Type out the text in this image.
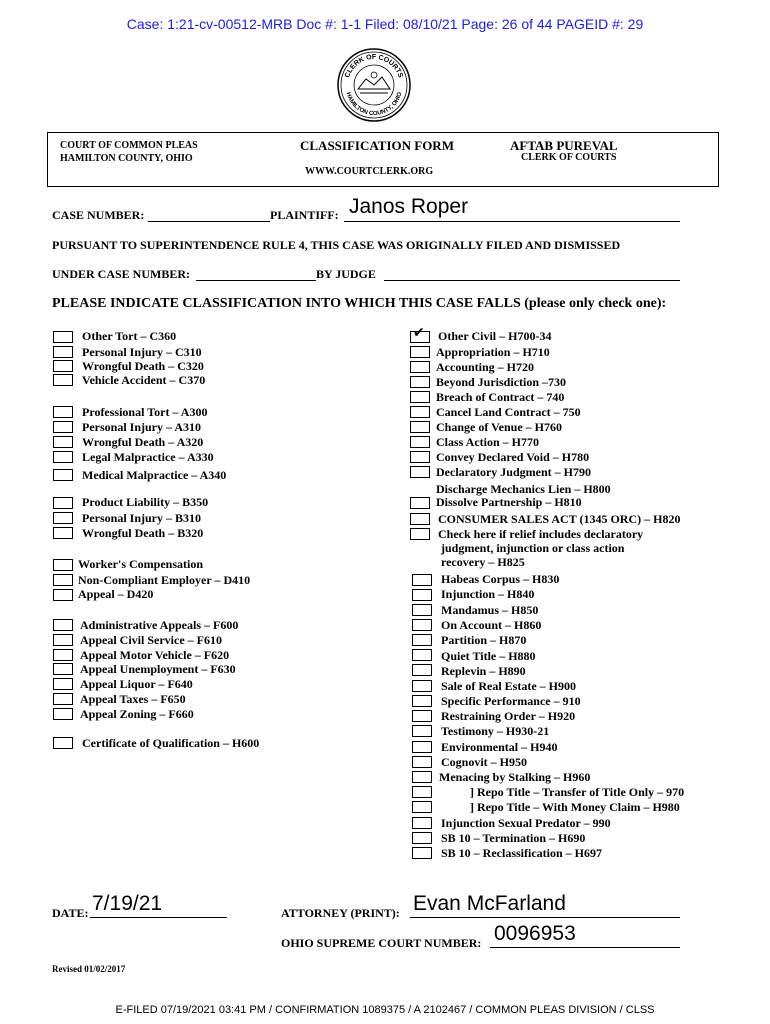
Case: 1:21-cv-00512-MRB Doc #: 1-1 Filed: 08/10/21 Page: 26 of 44 PAGEID #: 29
CLERK OF COURTS
HAMILTON COUNTY, OHIO
COURT OF COMMON PLEAS
HAMILTON COUNTY, OHIO
CLASSIFICATION FORM
WWW.COURTCLERK.ORG
AFTAB PUREVAL
CLERK OF COURTS
CASE NUMBER:	PLAINTIFF: Janos Roper
PURSUANT TO SUPERINTENDENCE RULE 4, THIS CASE WAS ORIGINALLY FILED AND DISMISSED
UNDER CASE NUMBER:	BY JUDGE
PLEASE INDICATE CLASSIFICATION INTO WHICH THIS CASE FALLS (please only check one):
Other Tort – C360
Personal Injury – C310
Wrongful Death – C320
Vehicle Accident – C370
Professional Tort – A300
Personal Injury – A310
Wrongful Death – A320
Legal Malpractice – A330
Medical Malpractice – A340
Product Liability – B350
Personal Injury – B310
Wrongful Death – B320
Worker's Compensation
Non-Compliant Employer – D410
Appeal – D420
Administrative Appeals – F600
Appeal Civil Service – F610
Appeal Motor Vehicle – F620
Appeal Unemployment – F630
Appeal Liquor – F640
Appeal Taxes – F650
Appeal Zoning – F660
Certificate of Qualification – H600
✔ Other Civil – H700-34
Appropriation – H710
Accounting – H720
Beyond Jurisdiction –730
Breach of Contract – 740
Cancel Land Contract – 750
Change of Venue – H760
Class Action – H770
Convey Declared Void – H780
Declaratory Judgment – H790
Discharge Mechanics Lien – H800
Dissolve Partnership – H810
CONSUMER SALES ACT (1345 ORC) – H820
Check here if relief includes declaratory
judgment, injunction or class action
recovery – H825
Habeas Corpus – H830
Injunction – H840
Mandamus – H850
On Account – H860
Partition – H870
Quiet Title – H880
Replevin – H890
Sale of Real Estate – H900
Specific Performance – 910
Restraining Order – H920
Testimony – H930-21
Environmental – H940
Cognovit – H950
Menacing by Stalking – H960
] Repo Title – Transfer of Title Only – 970
] Repo Title – With Money Claim – H980
Injunction Sexual Predator – 990
SB 10 – Termination – H690
SB 10 – Reclassification – H697
DATE: 7/19/21	ATTORNEY (PRINT): Evan McFarland
OHIO SUPREME COURT NUMBER: 0096953
Revised 01/02/2017
E-FILED 07/19/2021 03:41 PM / CONFIRMATION 1089375 / A 2102467 / COMMON PLEAS DIVISION / CLSS
